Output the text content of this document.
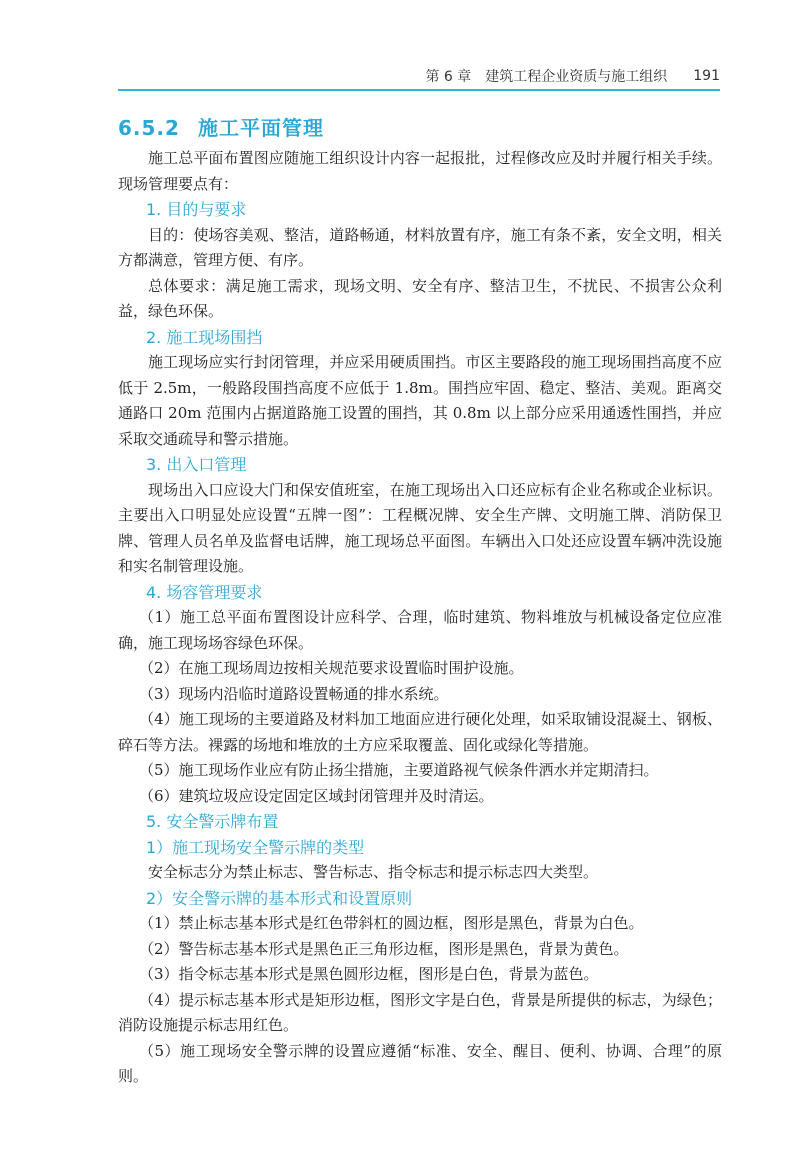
第 6 章 建筑工程企业资质与施工组织 191
6.5.2 施工平面管理

施工总平面布置图应随施工组织设计内容一起报批，过程修改应及时并履行相关手续。现场管理要点有：

1. 目的与要求

目的：使场容美观、整洁，道路畅通，材料放置有序，施工有条不紊，安全文明，相关方都满意，管理方便、有序。

总体要求：满足施工需求，现场文明、安全有序、整洁卫生，不扰民、不损害公众利益，绿色环保。

2. 施工现场围挡

施工现场应实行封闭管理，并应采用硬质围挡。市区主要路段的施工现场围挡高度不应低于 2.5m，一般路段围挡高度不应低于 1.8m。围挡应牢固、稳定、整洁、美观。距离交通路口 20m 范围内占据道路施工设置的围挡，其 0.8m 以上部分应采用通透性围挡，并应采取交通疏导和警示措施。

3. 出入口管理

现场出入口应设大门和保安值班室，在施工现场出入口还应标有企业名称或企业标识。主要出入口明显处应设置“五牌一图”：工程概况牌、安全生产牌、文明施工牌、消防保卫牌、管理人员名单及监督电话牌，施工现场总平面图。车辆出入口处还应设置车辆冲洗设施和实名制管理设施。

4. 场容管理要求

（1）施工总平面布置图设计应科学、合理，临时建筑、物料堆放与机械设备定位应准确，施工现场场容绿色环保。

（2）在施工现场周边按相关规范要求设置临时围护设施。

（3）现场内沿临时道路设置畅通的排水系统。

（4）施工现场的主要道路及材料加工地面应进行硬化处理，如采取铺设混凝土、钢板、碎石等方法。裸露的场地和堆放的土方应采取覆盖、固化或绿化等措施。

（5）施工现场作业应有防止扬尘措施，主要道路视气候条件洒水并定期清扫。

（6）建筑垃圾应设定固定区域封闭管理并及时清运。

5. 安全警示牌布置
1）施工现场安全警示牌的类型

安全标志分为禁止标志、警告标志、指令标志和提示标志四大类型。

2）安全警示牌的基本形式和设置原则

（1）禁止标志基本形式是红色带斜杠的圆边框，图形是黑色，背景为白色。

（2）警告标志基本形式是黑色正三角形边框，图形是黑色，背景为黄色。

（3）指令标志基本形式是黑色圆形边框，图形是白色，背景为蓝色。

（4）提示标志基本形式是矩形边框，图形文字是白色，背景是所提供的标志，为绿色；消防设施提示标志用红色。

（5）施工现场安全警示牌的设置应遵循“标准、安全、醒目、便利、协调、合理”的原则。
